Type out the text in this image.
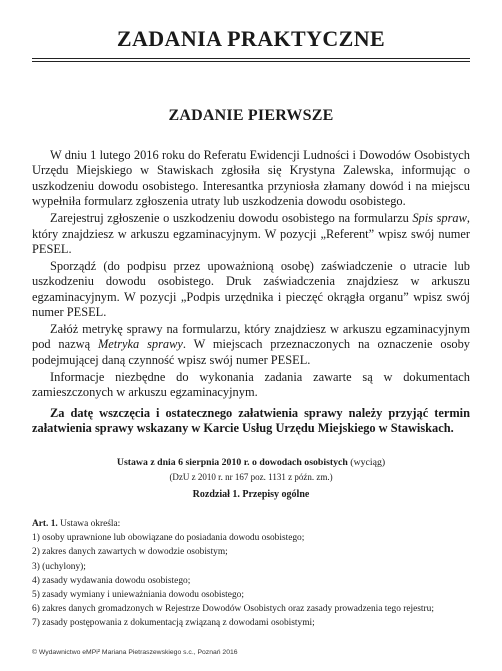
ZADANIA PRAKTYCZNE
ZADANIE PIERWSZE

W dniu 1 lutego 2016 roku do Referatu Ewidencji Ludności i Dowodów Osobistych Urzędu Miejskiego w Stawiskach zgłosiła się Krystyna Zalewska, informując o uszkodzeniu dowodu osobistego. Interesantka przyniosła złamany dowód i na miejscu wypełniła formularz zgłoszenia utraty lub uszkodzenia dowodu osobistego.

Zarejestruj zgłoszenie o uszkodzeniu dowodu osobistego na formularzu Spis spraw, który znajdziesz w arkuszu egzaminacyjnym. W pozycji „Referent” wpisz swój numer PESEL.

Sporządź (do podpisu przez upoważnioną osobę) zaświadczenie o utracie lub uszkodzeniu dowodu osobistego. Druk zaświadczenia znajdziesz w arkuszu egzaminacyjnym. W pozycji „Podpis urzędnika i pieczęć okrągła organu” wpisz swój numer PESEL.

Załóż metrykę sprawy na formularzu, który znajdziesz w arkuszu egzaminacyjnym pod nazwą Metryka sprawy. W miejscach przeznaczonych na oznaczenie osoby podejmującej daną czynność wpisz swój numer PESEL.

Informacje niezbędne do wykonania zadania zawarte są w dokumentach zamieszczonych w arkuszu egzaminacyjnym.

Za datę wszczęcia i ostatecznego załatwienia sprawy należy przyjąć termin załatwienia sprawy wskazany w Karcie Usług Urzędu Miejskiego w Stawiskach.

Ustawa z dnia 6 sierpnia 2010 r. o dowodach osobistych (wyciąg)
(DzU z 2010 r. nr 167 poz. 1131 z późn. zm.)
Rozdział 1. Przepisy ogólne
Art. 1. Ustawa określa:
1) osoby uprawnione lub obowiązane do posiadania dowodu osobistego;
2) zakres danych zawartych w dowodzie osobistym;
3) (uchylony);
4) zasady wydawania dowodu osobistego;
5) zasady wymiany i unieważniania dowodu osobistego;
6) zakres danych gromadzonych w Rejestrze Dowodów Osobistych oraz zasady prowadzenia tego rejestru;
7) zasady postępowania z dokumentacją związaną z dowodami osobistymi;
© Wydawnictwo eMPi² Mariana Pietraszewskiego s.c., Poznań 2016
